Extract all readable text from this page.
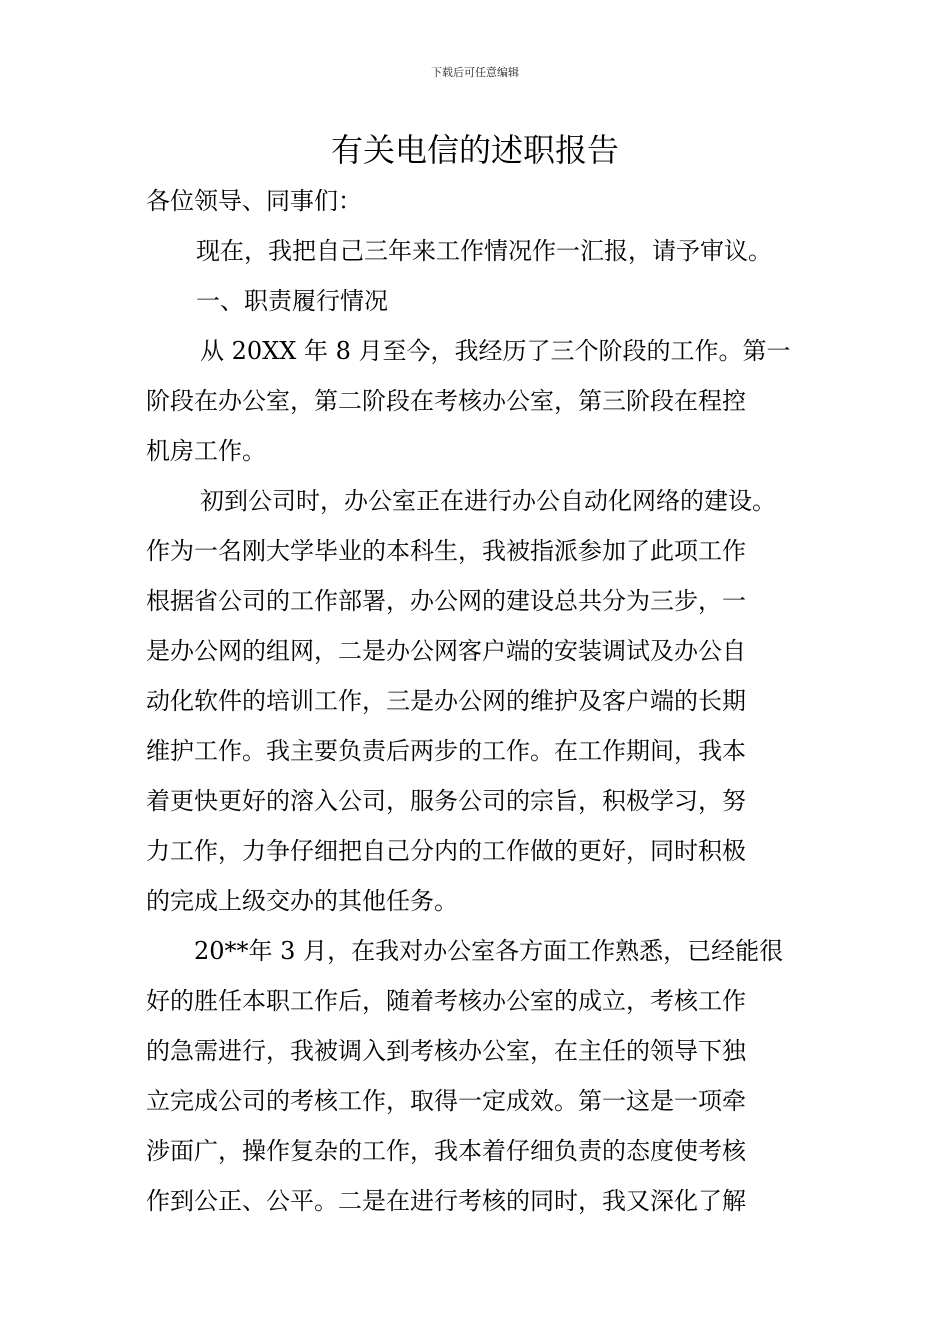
下载后可任意编辑
有关电信的述职报告

各位领导、同事们：

现在，我把自己三年来工作情况作一汇报，请予审议。

一、职责履行情况

从 20XX 年 8 月至今，我经历了三个阶段的工作。第一

阶段在办公室，第二阶段在考核办公室，第三阶段在程控

机房工作。

初到公司时，办公室正在进行办公自动化网络的建设。

作为一名刚大学毕业的本科生，我被指派参加了此项工作

根据省公司的工作部署，办公网的建设总共分为三步，一

是办公网的组网，二是办公网客户端的安装调试及办公自

动化软件的培训工作，三是办公网的维护及客户端的长期

维护工作。我主要负责后两步的工作。在工作期间，我本

着更快更好的溶入公司，服务公司的宗旨，积极学习，努

力工作，力争仔细把自己分内的工作做的更好，同时积极

的完成上级交办的其他任务。

20**年 3 月，在我对办公室各方面工作熟悉，已经能很

好的胜任本职工作后，随着考核办公室的成立，考核工作

的急需进行，我被调入到考核办公室，在主任的领导下独

立完成公司的考核工作，取得一定成效。第一这是一项牵

涉面广，操作复杂的工作，我本着仔细负责的态度使考核

作到公正、公平。二是在进行考核的同时，我又深化了解
